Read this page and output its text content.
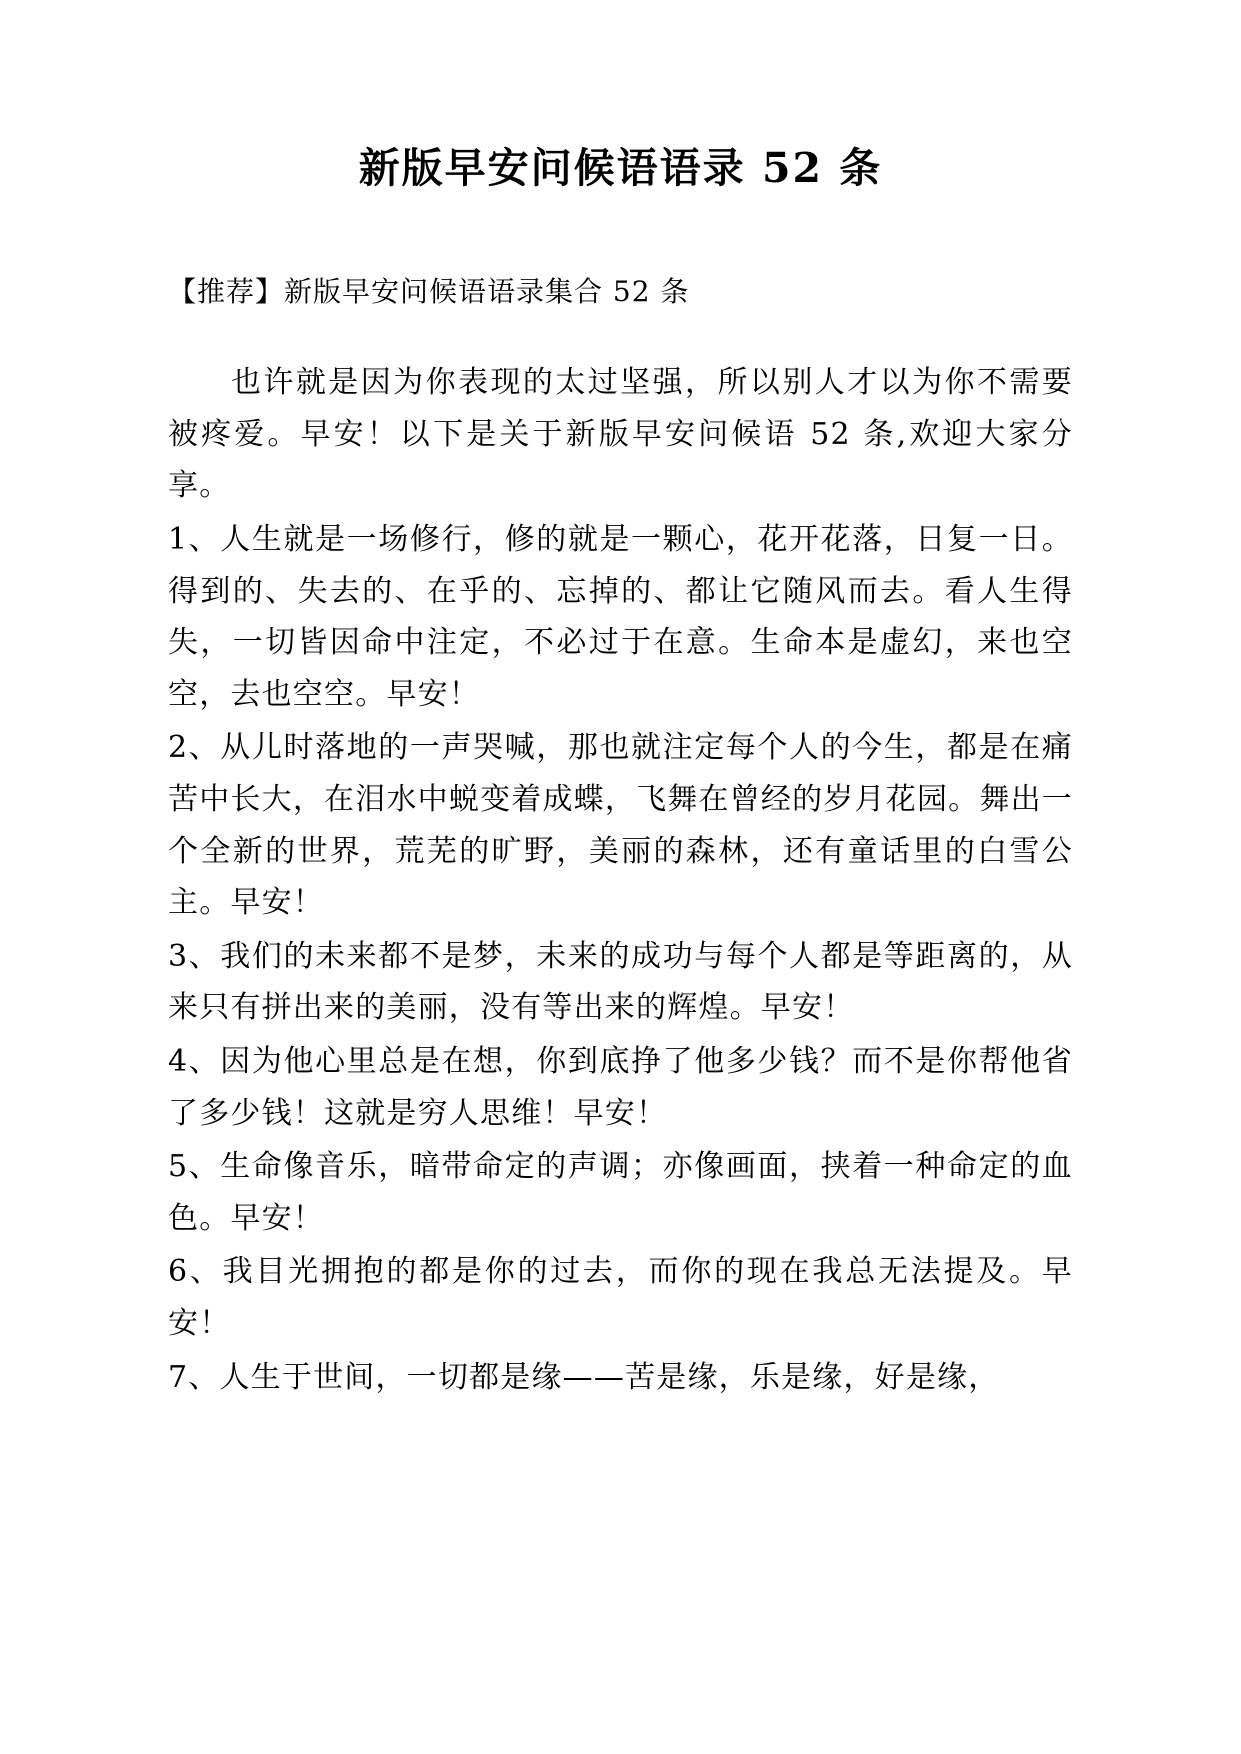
新版早安问候语语录 52 条
【推荐】新版早安问候语语录集合 52 条

也许就是因为你表现的太过坚强，所以别人才以为你不需要被疼爱。早安！以下是关于新版早安问候语 52 条,欢迎大家分享。

1、人生就是一场修行，修的就是一颗心，花开花落，日复一日。得到的、失去的、在乎的、忘掉的、都让它随风而去。看人生得失，一切皆因命中注定，不必过于在意。生命本是虚幻，来也空空，去也空空。早安！

2、从儿时落地的一声哭喊，那也就注定每个人的今生，都是在痛苦中长大，在泪水中蜕变着成蝶，飞舞在曾经的岁月花园。舞出一个全新的世界，荒芜的旷野，美丽的森林，还有童话里的白雪公主。早安！

3、我们的未来都不是梦，未来的成功与每个人都是等距离的，从来只有拼出来的美丽，没有等出来的辉煌。早安！

4、因为他心里总是在想，你到底挣了他多少钱？而不是你帮他省了多少钱！这就是穷人思维！早安！

5、生命像音乐，暗带命定的声调；亦像画面，挟着一种命定的血色。早安！

6、我目光拥抱的都是你的过去，而你的现在我总无法提及。早安！

7、人生于世间，一切都是缘——苦是缘，乐是缘，好是缘，
